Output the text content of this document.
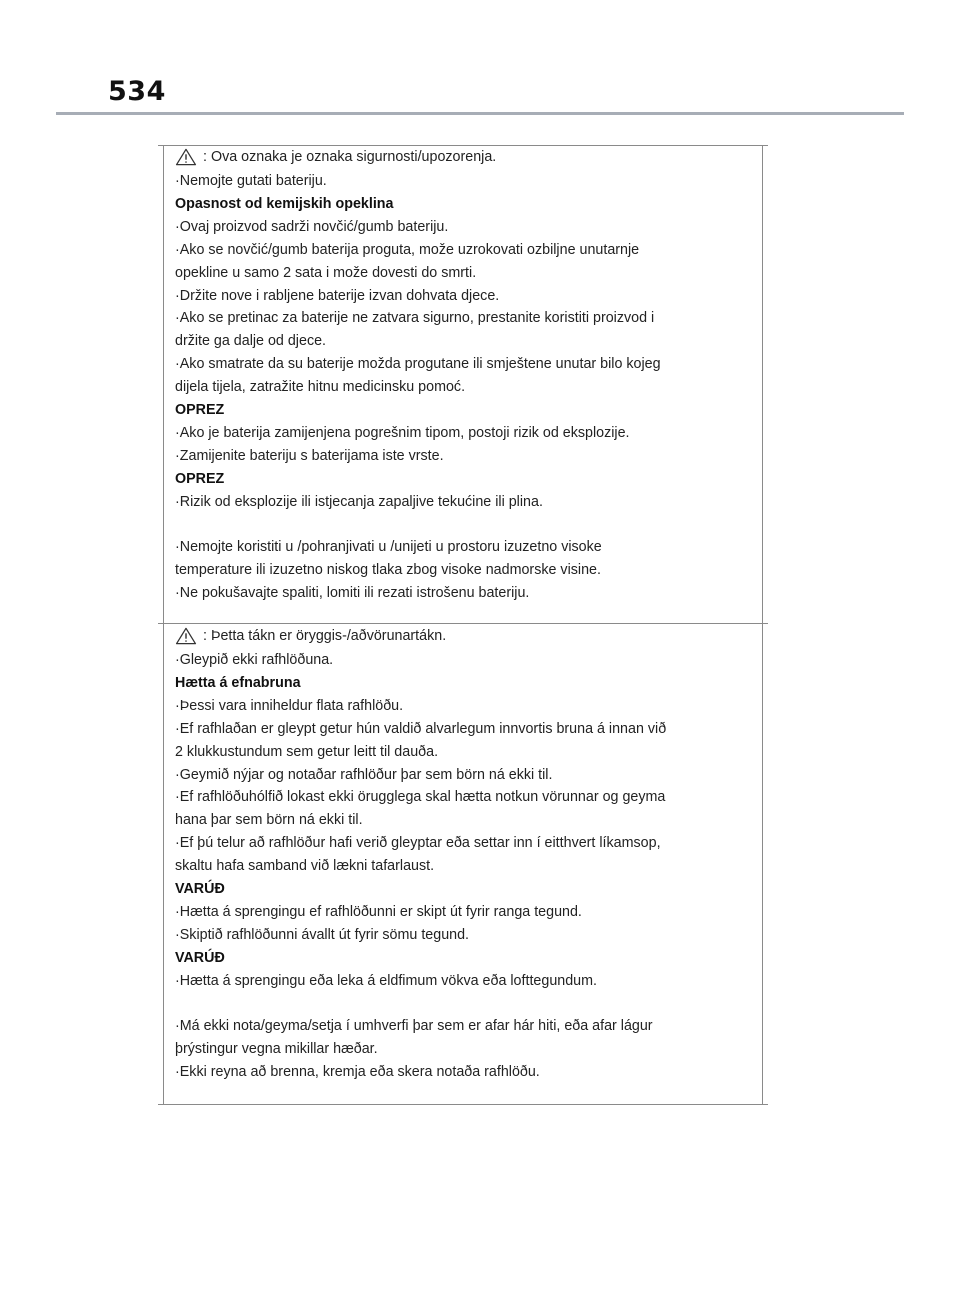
534
: Ova oznaka je oznaka sigurnosti/upozorenja.
: Þetta tákn er öryggis-/aðvörunartákn.
·Nemojte gutati bateriju.
Opasnost od kemijskih opeklina
·Ovaj proizvod sadrži novčić/gumb bateriju.
·Ako se novčić/gumb baterija proguta, može uzrokovati ozbiljne unutarnje
opekline u samo 2 sata i može dovesti do smrti.
·Držite nove i rabljene baterije izvan dohvata djece.
·Ako se pretinac za baterije ne zatvara sigurno, prestanite koristiti proizvod i
držite ga dalje od djece.
·Ako smatrate da su baterije možda progutane ili smještene unutar bilo kojeg
dijela tijela, zatražite hitnu medicinsku pomoć.
OPREZ
·Ako je baterija zamijenjena pogrešnim tipom, postoji rizik od eksplozije.
·Zamijenite bateriju s baterijama iste vrste.
OPREZ
·Rizik od eksplozije ili istjecanja zapaljive tekućine ili plina.
·Nemojte koristiti u /pohranjivati u /unijeti u prostoru izuzetno visoke
temperature ili izuzetno niskog tlaka zbog visoke nadmorske visine.
·Ne pokušavajte spaliti, lomiti ili rezati istrošenu bateriju.
·Gleypið ekki rafhlöðuna.
Hætta á efnabruna
·Þessi vara inniheldur flata rafhlöðu.
·Ef rafhlaðan er gleypt getur hún valdið alvarlegum innvortis bruna á innan við
2 klukkustundum sem getur leitt til dauða.
·Geymið nýjar og notaðar rafhlöður þar sem börn ná ekki til.
·Ef rafhlöðuhólfið lokast ekki örugglega skal hætta notkun vörunnar og geyma
hana þar sem börn ná ekki til.
·Ef þú telur að rafhlöður hafi verið gleyptar eða settar inn í eitthvert líkamsop,
skaltu hafa samband við lækni tafarlaust.
VARÚÐ
·Hætta á sprengingu ef rafhlöðunni er skipt út fyrir ranga tegund.
·Skiptið rafhlöðunni ávallt út fyrir sömu tegund.
VARÚÐ
·Hætta á sprengingu eða leka á eldfimum vökva eða lofttegundum.
·Má ekki nota/geyma/setja í umhverfi þar sem er afar hár hiti, eða afar lágur
þrýstingur vegna mikillar hæðar.
·Ekki reyna að brenna, kremja eða skera notaða rafhlöðu.
